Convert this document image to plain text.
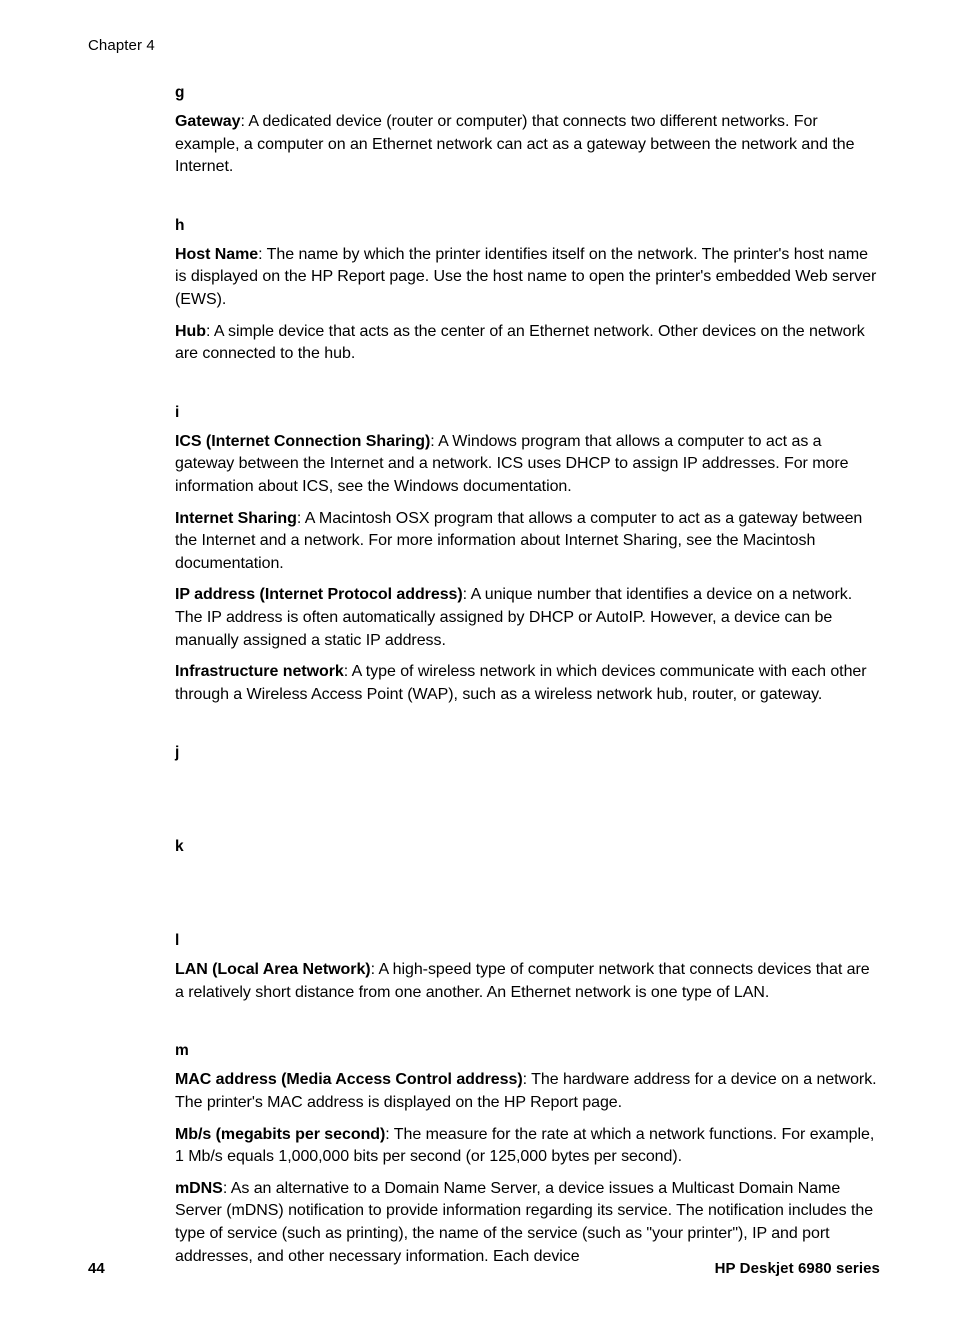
Chapter 4
g

Gateway: A dedicated device (router or computer) that connects two different networks. For example, a computer on an Ethernet network can act as a gateway between the network and the Internet.

h

Host Name: The name by which the printer identifies itself on the network. The printer's host name is displayed on the HP Report page. Use the host name to open the printer's embedded Web server (EWS).

Hub: A simple device that acts as the center of an Ethernet network. Other devices on the network are connected to the hub.

i

ICS (Internet Connection Sharing): A Windows program that allows a computer to act as a gateway between the Internet and a network. ICS uses DHCP to assign IP addresses. For more information about ICS, see the Windows documentation.

Internet Sharing: A Macintosh OSX program that allows a computer to act as a gateway between the Internet and a network. For more information about Internet Sharing, see the Macintosh documentation.

IP address (Internet Protocol address): A unique number that identifies a device on a network. The IP address is often automatically assigned by DHCP or AutoIP. However, a device can be manually assigned a static IP address.

Infrastructure network: A type of wireless network in which devices communicate with each other through a Wireless Access Point (WAP), such as a wireless network hub, router, or gateway.

j
k
l

LAN (Local Area Network): A high-speed type of computer network that connects devices that are a relatively short distance from one another. An Ethernet network is one type of LAN.

m

MAC address (Media Access Control address): The hardware address for a device on a network. The printer's MAC address is displayed on the HP Report page.

Mb/s (megabits per second): The measure for the rate at which a network functions. For example, 1 Mb/s equals 1,000,000 bits per second (or 125,000 bytes per second).

mDNS: As an alternative to a Domain Name Server, a device issues a Multicast Domain Name Server (mDNS) notification to provide information regarding its service. The notification includes the type of service (such as printing), the name of the service (such as "your printer"), IP and port addresses, and other necessary information. Each device

44	HP Deskjet 6980 series
